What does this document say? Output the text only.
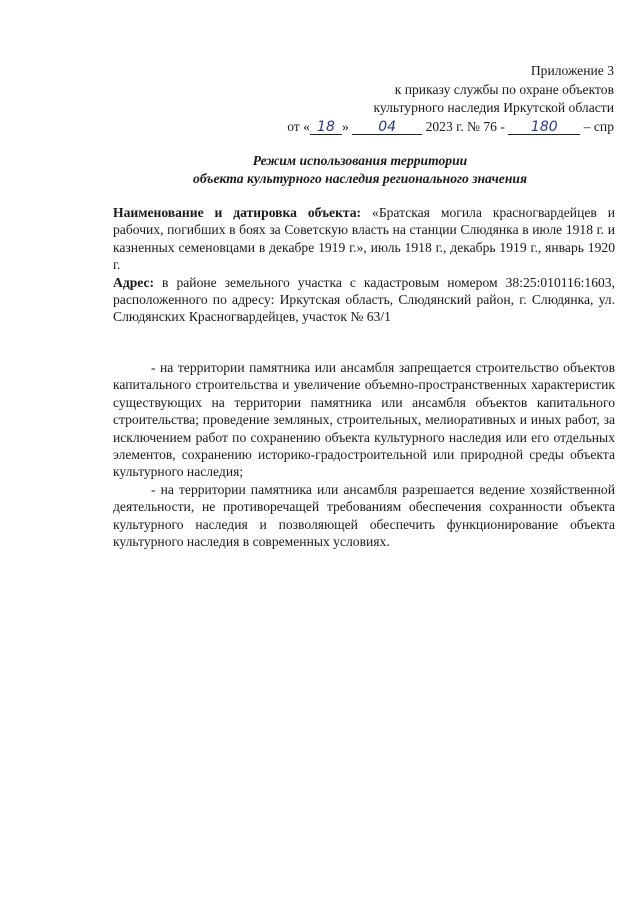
Приложение 3
к приказу службы по охране объектов
культурного наследия Иркутской области
от « 18 » 04 2023 г. № 76 - 180 – спр
Режим использования территории
объекта культурного наследия регионального значения

Наименование и датировка объекта: «Братская могила красногвардейцев и рабочих, погибших в боях за Советскую власть на станции Слюдянка в июле 1918 г. и казненных семеновцами в декабре 1919 г.», июль 1918 г., декабрь 1919 г., январь 1920 г.

Адрес: в районе земельного участка с кадастровым номером 38:25:010116:1603, расположенного по адресу: Иркутская область, Слюдянский район, г. Слюдянка, ул. Слюдянских Красногвардейцев, участок № 63/1

- на территории памятника или ансамбля запрещается строительство объектов капитального строительства и увеличение объемно-пространственных характеристик существующих на территории памятника или ансамбля объектов капитального строительства; проведение земляных, строительных, мелиоративных и иных работ, за исключением работ по сохранению объекта культурного наследия или его отдельных элементов, сохранению историко-градостроительной или природной среды объекта культурного наследия;

- на территории памятника или ансамбля разрешается ведение хозяйственной деятельности, не противоречащей требованиям обеспечения сохранности объекта культурного наследия и позволяющей обеспечить функционирование объекта культурного наследия в современных условиях.
